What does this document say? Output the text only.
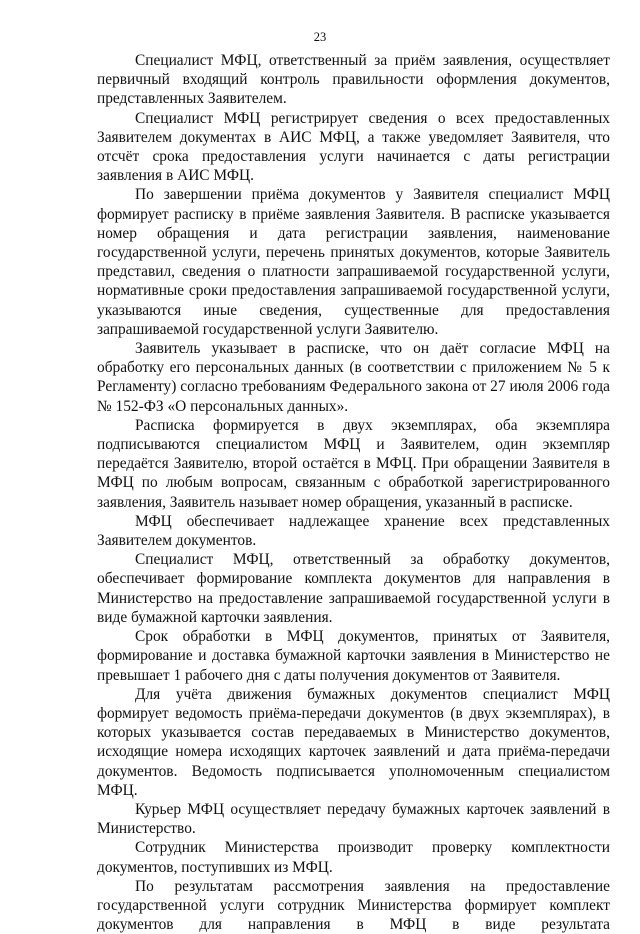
23

Специалист МФЦ, ответственный за приём заявления, осуществляет первичный входящий контроль правильности оформления документов, представленных Заявителем.

Специалист МФЦ регистрирует сведения о всех предоставленных Заявителем документах в АИС МФЦ, а также уведомляет Заявителя, что отсчёт срока предоставления услуги начинается с даты регистрации заявления в АИС МФЦ.

По завершении приёма документов у Заявителя специалист МФЦ формирует расписку в приёме заявления Заявителя. В расписке указывается номер обращения и дата регистрации заявления, наименование государственной услуги, перечень принятых документов, которые Заявитель представил, сведения о платности запрашиваемой государственной услуги, нормативные сроки предоставления запрашиваемой государственной услуги, указываются иные сведения, существенные для предоставления запрашиваемой государственной услуги Заявителю.

Заявитель указывает в расписке, что он даёт согласие МФЦ на обработку его персональных данных (в соответствии с приложением № 5 к Регламенту) согласно требованиям Федерального закона от 27 июля 2006 года № 152-ФЗ «О персональных данных».

Расписка формируется в двух экземплярах, оба экземпляра подписываются специалистом МФЦ и Заявителем, один экземпляр передаётся Заявителю, второй остаётся в МФЦ. При обращении Заявителя в МФЦ по любым вопросам, связанным с обработкой зарегистрированного заявления, Заявитель называет номер обращения, указанный в расписке.

МФЦ обеспечивает надлежащее хранение всех представленных Заявителем документов.

Специалист МФЦ, ответственный за обработку документов, обеспечивает формирование комплекта документов для направления в Министерство на предоставление запрашиваемой государственной услуги в виде бумажной карточки заявления.

Срок обработки в МФЦ документов, принятых от Заявителя, формирование и доставка бумажной карточки заявления в Министерство не превышает 1 рабочего дня с даты получения документов от Заявителя.

Для учёта движения бумажных документов специалист МФЦ формирует ведомость приёма-передачи документов (в двух экземплярах), в которых указывается состав передаваемых в Министерство документов, исходящие номера исходящих карточек заявлений и дата приёма-передачи документов. Ведомость подписывается уполномоченным специалистом МФЦ.

Курьер МФЦ осуществляет передачу бумажных карточек заявлений в Министерство.

Сотрудник Министерства производит проверку комплектности документов, поступивших из МФЦ.

По результатам рассмотрения заявления на предоставление государственной услуги сотрудник Министерства формирует комплект документов для направления в МФЦ в виде результата
